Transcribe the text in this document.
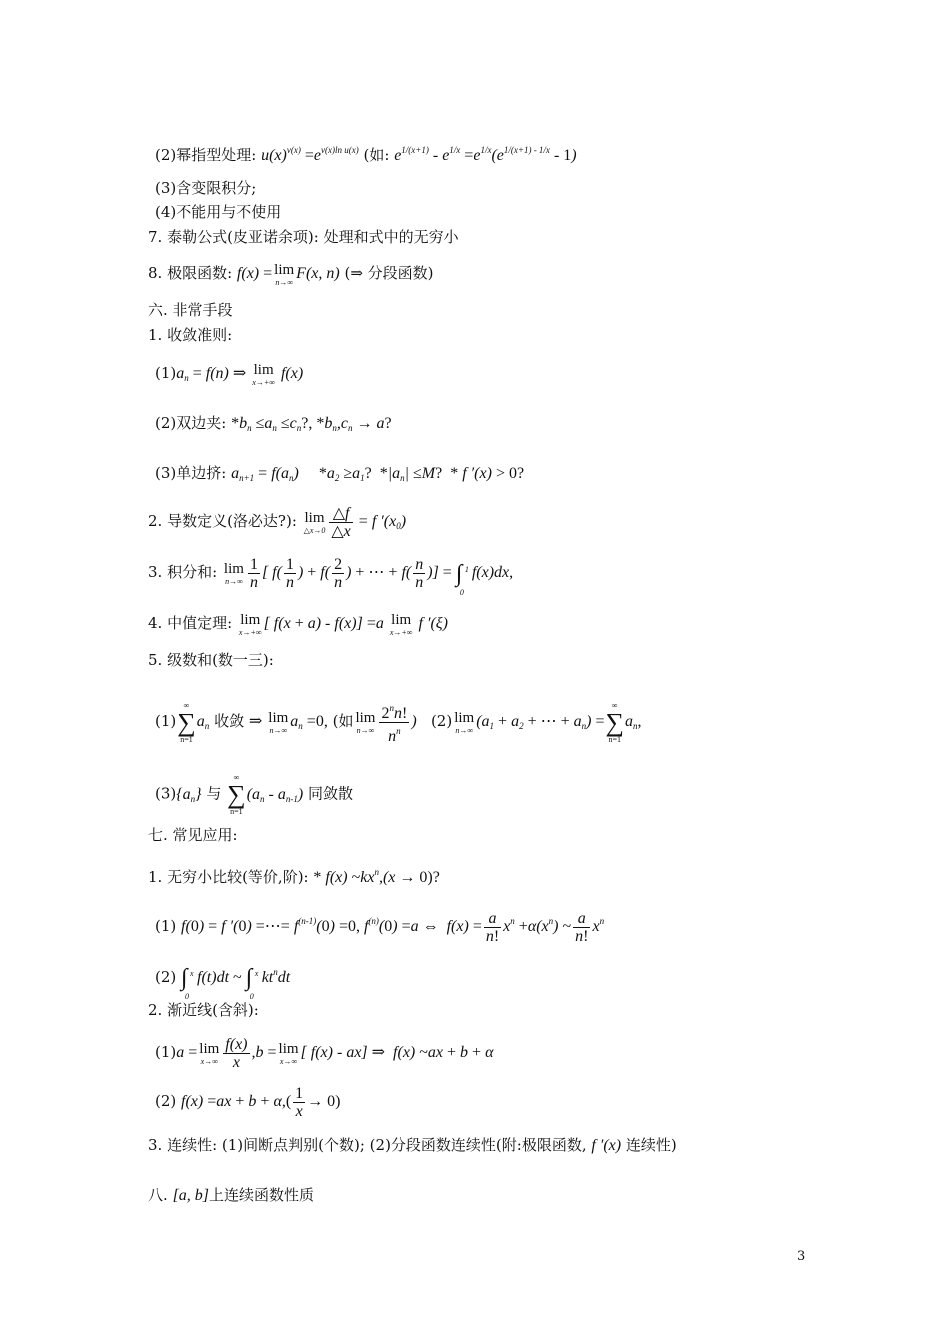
(2)幂指型处理: $u(x)^{v(x)} =e^{v(x)ln u(x)}$ (如: $e^{1/(x+1)} - e^{1/x} =e^{1/x}(e^{1/(x+1) - 1/x} - 1)$
(3)含变限积分;
(4)不能用与不使用
7. 泰勒公式(皮亚诺余项): 处理和式中的无穷小
8. 极限函数: f(x) = lim
n→∞
F(x, n) (⇒ 分段函数)
六. 非常手段
1. 收敛准则:
$(1)a_n = f(n)$ ⇒ lim
x→+∞
f(x)
(2)双边夹: $*b_n \le a_n \le c_n$?, $*b_n,c_n \to a$?
(3)单边挤: $a_{n+1} = f(a_n)$     $*a_2 \ge a_1$? $*|a_n| \le M$? * f ′(x) > 0?
2. 导数定义(洛必达?): lim
△x→0 $\frac{\triangle f}{\triangle x} = f$ $'(x_0)$
3. 积分和: lim
$n\to\infty \frac{1}{n}$ [ $f( \frac{1}{n}$ ) + $f( \frac{2}{n}$ ) + ⋯ + $f( \frac{n}{n}$ )] = ∫ 1
0
f(x)dx,
4. 中值定理: lim
x→+∞
[ f(x + a) - f(x)] =a lim
x→+∞
f ′(ξ)
5. 级数和(数一三):
(1)
∞
∑
n=1
$a_n$ 收敛 ⇒ lim
n→∞
$a_n =0$, (如 lim
$n\to\infty \frac{2^nn!}{n^n}$ ) (2) lim
n→∞
($a_1 + a_2$ + ⋯ + $a_n$) =
∞
∑
n=1
$a_n$,
$(3)\{a_n\}$ 与
∞
∑
n=1
$(a_n - a_{n-1})$ 同敛散
七. 常见应用:
1. 无穷小比较(等价,阶): * f(x) $\sim kx^n,(x \to 0)$?
(1) f(0) = f ′(0) =⋯= $f^{(n-1)}(0) =0$, $f^{(n)}(0) =a$ ⇔  $f(x) = \frac{a}{n!} x^n +\alpha(x^n)$ ~ $\frac{a}{n!} x^n$
(2) ∫ x
0
f(t)dt ~ ∫ x
0
$kt^ndt$
2. 渐近线(含斜):
(1)a = lim
$x\to\infty \frac{f(x)}{x} ,b = \lim$
x→∞
[ f(x) - ax] ⇒  f(x) ~ax + b + α
(2) $f(x) =ax + b + \alpha,( \frac{1}{x} \to 0)$
3. 连续性: (1)间断点判别(个数); (2)分段函数连续性(附:极限函数, f ′(x) 连续性)
八. [a, b]上连续函数性质
3
